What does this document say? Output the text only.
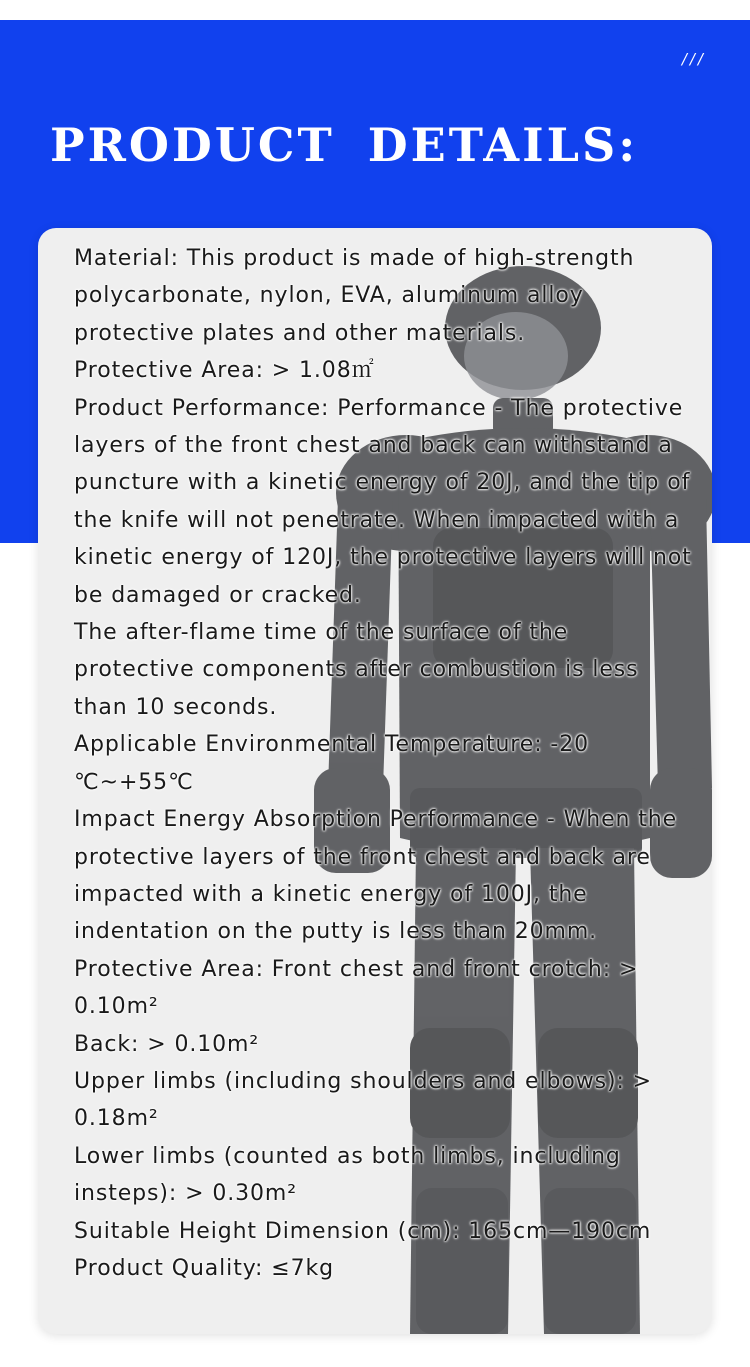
///
PRODUCT DETAILS:

Material: This product is made of high-strength polycarbonate, nylon, EVA, aluminum alloy protective plates and other materials.

Protective Area: > 1.08㎡

Product Performance: Performance - The protective layers of the front chest and back can withstand a puncture with a kinetic energy of 20J, and the tip of the knife will not penetrate. When impacted with a kinetic energy of 120J, the protective layers will not be damaged or cracked.

The after-flame time of the surface of the protective components after combustion is less than 10 seconds.

Applicable Environmental Temperature: -20 ℃~+55℃

Impact Energy Absorption Performance - When the protective layers of the front chest and back are impacted with a kinetic energy of 100J, the indentation on the putty is less than 20mm.

Protective Area: Front chest and front crotch: > 0.10m²

Back: > 0.10m²

Upper limbs (including shoulders and elbows): > 0.18m²

Lower limbs (counted as both limbs, including insteps): > 0.30m²

Suitable Height Dimension (cm): 165cm—190cm

Product Quality: ≤7kg
